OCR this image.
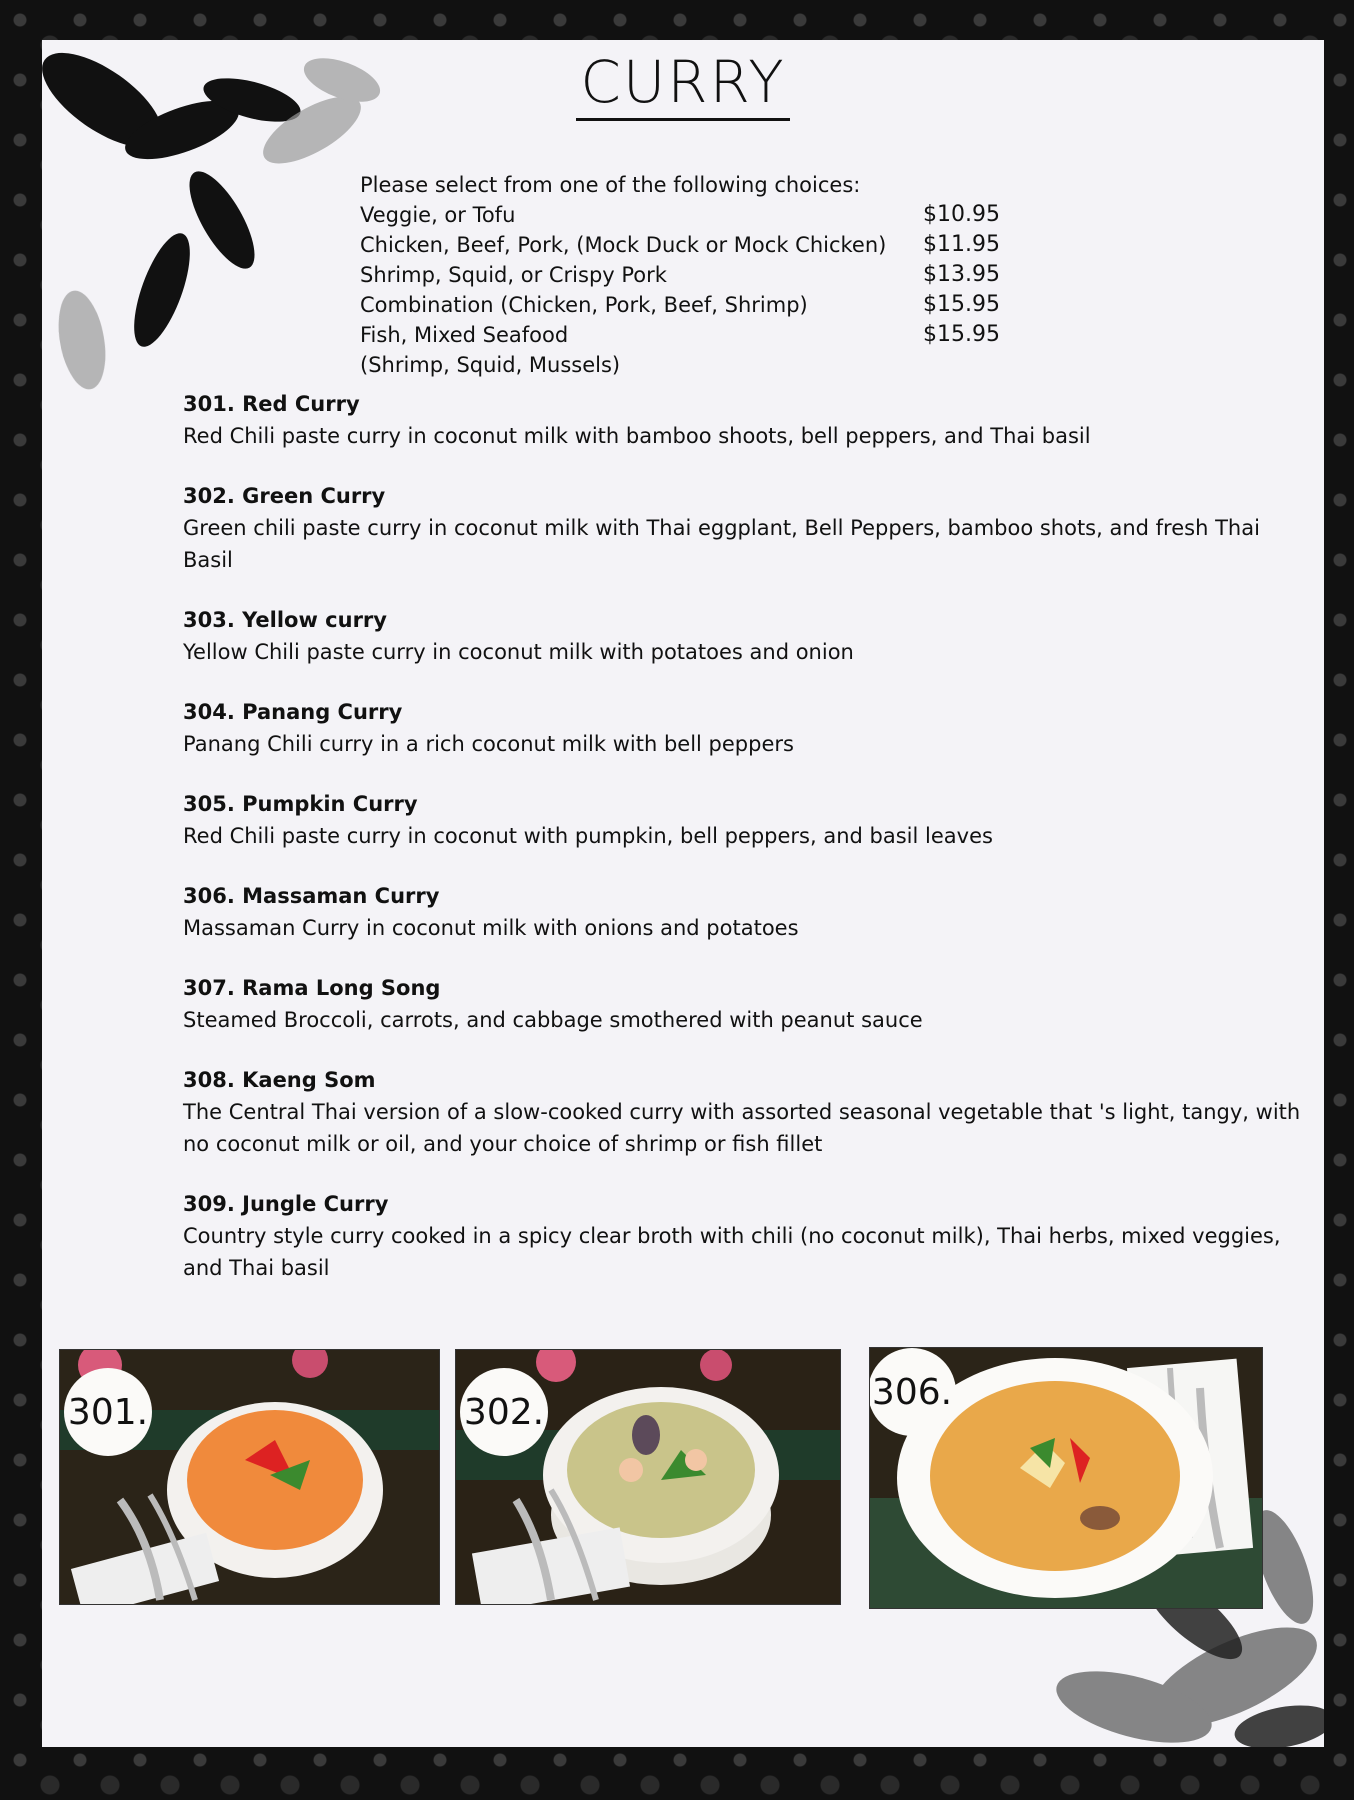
CURRY
Please select from one of the following choices:
Veggie, or Tofu	$10.95
Chicken, Beef, Pork, (Mock Duck or Mock Chicken) $11.95
Shrimp, Squid, or Crispy Pork	$13.95
Combination (Chicken, Pork, Beef, Shrimp)	$15.95
Fish, Mixed Seafood	$15.95
(Shrimp, Squid, Mussels)
301. Red Curry

Red Chili paste curry in coconut milk with bamboo shoots, bell peppers, and Thai basil

302. Green Curry

Green chili paste curry in coconut milk with Thai eggplant, Bell Peppers, bamboo shots, and fresh Thai Basil

303. Yellow curry

Yellow Chili paste curry in coconut milk with potatoes and onion

304. Panang Curry

Panang Chili curry in a rich coconut milk with bell peppers

305. Pumpkin Curry

Red Chili paste curry in coconut with pumpkin, bell peppers, and basil leaves

306. Massaman Curry

Massaman Curry in coconut milk with onions and potatoes

307. Rama Long Song

Steamed Broccoli, carrots, and cabbage smothered with peanut sauce

308. Kaeng Som

The Central Thai version of a slow-cooked curry with assorted seasonal vegetable that 's light, tangy, with no coconut milk or oil, and your choice of shrimp or fish fillet

309. Jungle Curry

Country style curry cooked in a spicy clear broth with chili (no coconut milk), Thai herbs, mixed veggies, and Thai basil

301.	302.	306.
